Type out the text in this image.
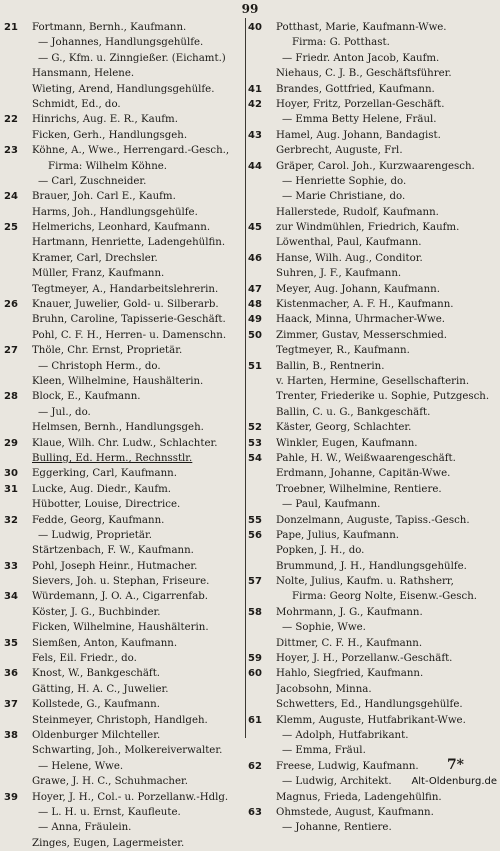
99
21	Fortmann, Bernh., Kaufmann.
— Johannes, Handlungsgehülfe.
— G., Kfm. u. Zinngießer. (Eichamt.)
Hansmann, Helene.
Wieting, Arend, Handlungsgehülfe.
Schmidt, Ed., do.
22	Hinrichs, Aug. E. R., Kaufm.
Ficken, Gerh., Handlungsgeh.
23	Köhne, A., Wwe., Herrengard.-Gesch.,
Firma: Wilhelm Köhne.
— Carl, Zuschneider.
24	Brauer, Joh. Carl E., Kaufm.
Harms, Joh., Handlungsgehülfe.
25	Helmerichs, Leonhard, Kaufmann.
Hartmann, Henriette, Ladengehülfin.
Kramer, Carl, Drechsler.
Müller, Franz, Kaufmann.
Tegtmeyer, A., Handarbeitslehrerin.
26	Knauer, Juwelier, Gold- u. Silberarb.
Bruhn, Caroline, Tapisserie-Geschäft.
Pohl, C. F. H., Herren- u. Damenschn.
27	Thöle, Chr. Ernst, Proprietär.
— Christoph Herm., do.
Kleen, Wilhelmine, Haushälterin.
28	Block, E., Kaufmann.
— Jul., do.
Helmsen, Bernh., Handlungsgeh.
29	Klaue, Wilh. Chr. Ludw., Schlachter.
Bulling, Ed. Herm., Rechnsstlr.
30	Eggerking, Carl, Kaufmann.
31	Lucke, Aug. Diedr., Kaufm.
Hübotter, Louise, Directrice.
32	Fedde, Georg, Kaufmann.
— Ludwig, Proprietär.
Stärtzenbach, F. W., Kaufmann.
33	Pohl, Joseph Heinr., Hutmacher.
Sievers, Joh. u. Stephan, Friseure.
34	Würdemann, J. O. A., Cigarrenfab.
Köster, J. G., Buchbinder.
Ficken, Wilhelmine, Haushälterin.
35	Siemßen, Anton, Kaufmann.
Fels, Eil. Friedr., do.
36	Knost, W., Bankgeschäft.
Gätting, H. A. C., Juwelier.
37	Kollstede, G., Kaufmann.
Steinmeyer, Christoph, Handlgeh.
38	Oldenburger Milchteller.
Schwarting, Joh., Molkereiverwalter.
— Helene, Wwe.
Grawe, J. H. C., Schuhmacher.
39	Hoyer, J. H., Col.- u. Porzellanw.-Hdlg.
— L. H. u. Ernst, Kaufleute.
— Anna, Fräulein.
Zinges, Eugen, Lagermeister.
40	Potthast, Marie, Kaufmann-Wwe.
Firma: G. Potthast.
— Friedr. Anton Jacob, Kaufm.
Niehaus, C. J. B., Geschäftsführer.
41	Brandes, Gottfried, Kaufmann.
42	Hoyer, Fritz, Porzellan-Geschäft.
— Emma Betty Helene, Fräul.
43	Hamel, Aug. Johann, Bandagist.
Gerbrecht, Auguste, Frl.
44	Gräper, Carol. Joh., Kurzwaarengesch.
— Henriette Sophie, do.
— Marie Christiane, do.
Hallerstede, Rudolf, Kaufmann.
45	zur Windmühlen, Friedrich, Kaufm.
Löwenthal, Paul, Kaufmann.
46	Hanse, Wilh. Aug., Conditor.
Suhren, J. F., Kaufmann.
47	Meyer, Aug. Johann, Kaufmann.
48	Kistenmacher, A. F. H., Kaufmann.
49	Haack, Minna, Uhrmacher-Wwe.
50	Zimmer, Gustav, Messerschmied.
Tegtmeyer, R., Kaufmann.
51	Ballin, B., Rentnerin.
v. Harten, Hermine, Gesellschafterin.
Trenter, Friederike u. Sophie, Putzgesch.
Ballin, C. u. G., Bankgeschäft.
52	Käster, Georg, Schlachter.
53	Winkler, Eugen, Kaufmann.
54	Pahle, H. W., Weißwaarengeschäft.
Erdmann, Johanne, Capitän-Wwe.
Troebner, Wilhelmine, Rentiere.
— Paul, Kaufmann.
55	Donzelmann, Auguste, Tapiss.-Gesch.
56	Pape, Julius, Kaufmann.
Popken, J. H., do.
Brummund, J. H., Handlungsgehülfe.
57	Nolte, Julius, Kaufm. u. Rathsherr,
Firma: Georg Nolte, Eisenw.-Gesch.
58	Mohrmann, J. G., Kaufmann.
— Sophie, Wwe.
Dittmer, C. F. H., Kaufmann.
59	Hoyer, J. H., Porzellanw.-Geschäft.
60	Hahlo, Siegfried, Kaufmann.
Jacobsohn, Minna.
Schwetters, Ed., Handlungsgehülfe.
61	Klemm, Auguste, Hutfabrikant-Wwe.
— Adolph, Hutfabrikant.
— Emma, Fräul.
62	Freese, Ludwig, Kaufmann.
— Ludwig, Architekt.
Magnus, Frieda, Ladengehülfin.
63	Ohmstede, August, Kaufmann.
— Johanne, Rentiere.
7*
Alt-Oldenburg.de
